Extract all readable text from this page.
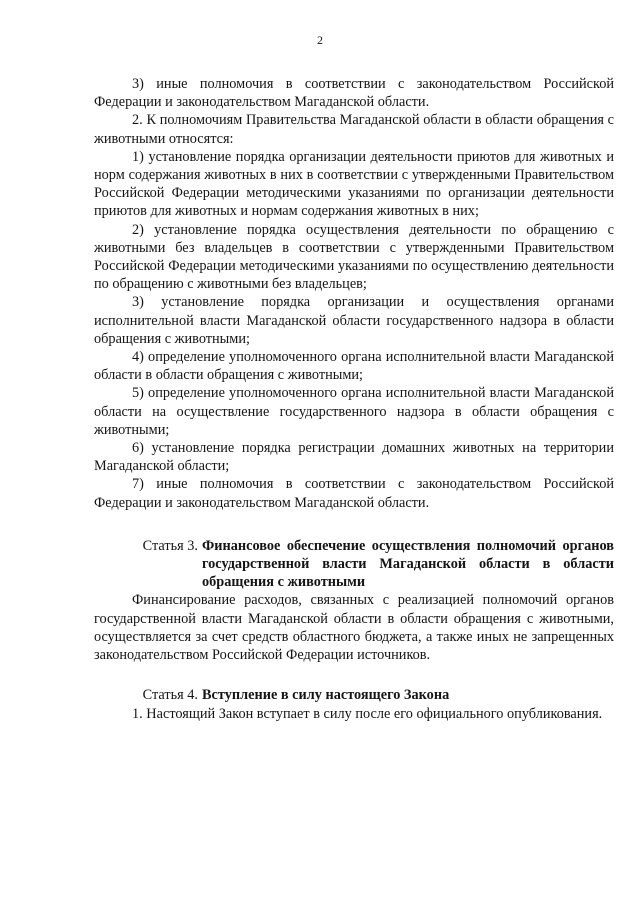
2

3) иные полномочия в соответствии с законодательством Российской Федерации и законодательством Магаданской области.

2. К полномочиям Правительства Магаданской области в области обращения с животными относятся:

1) установление порядка организации деятельности приютов для животных и норм содержания животных в них в соответствии с утвержденными Правительством Российской Федерации методическими указаниями по организации деятельности приютов для животных и нормам содержания животных в них;

2) установление порядка осуществления деятельности по обращению с животными без владельцев в соответствии с утвержденными Правительством Российской Федерации методическими указаниями по осуществлению деятельности по обращению с животными без владельцев;

3) установление порядка организации и осуществления органами исполнительной власти Магаданской области государственного надзора в области обращения с животными;

4) определение уполномоченного органа исполнительной власти Магаданской области в области обращения с животными;

5) определение уполномоченного органа исполнительной власти Магаданской области на осуществление государственного надзора в области обращения с животными;

6) установление порядка регистрации домашних животных на территории Магаданской области;

7) иные полномочия в соответствии с законодательством Российской Федерации и законодательством Магаданской области.

Статья 3. Финансовое обеспечение осуществления полномочий органов государственной власти Магаданской области в области обращения с животными

Финансирование расходов, связанных с реализацией полномочий органов государственной власти Магаданской области в области обращения с животными, осуществляется за счет средств областного бюджета, а также иных не запрещенных законодательством Российской Федерации источников.

Статья 4. Вступление в силу настоящего Закона

1. Настоящий Закон вступает в силу после его официального опубликования.
